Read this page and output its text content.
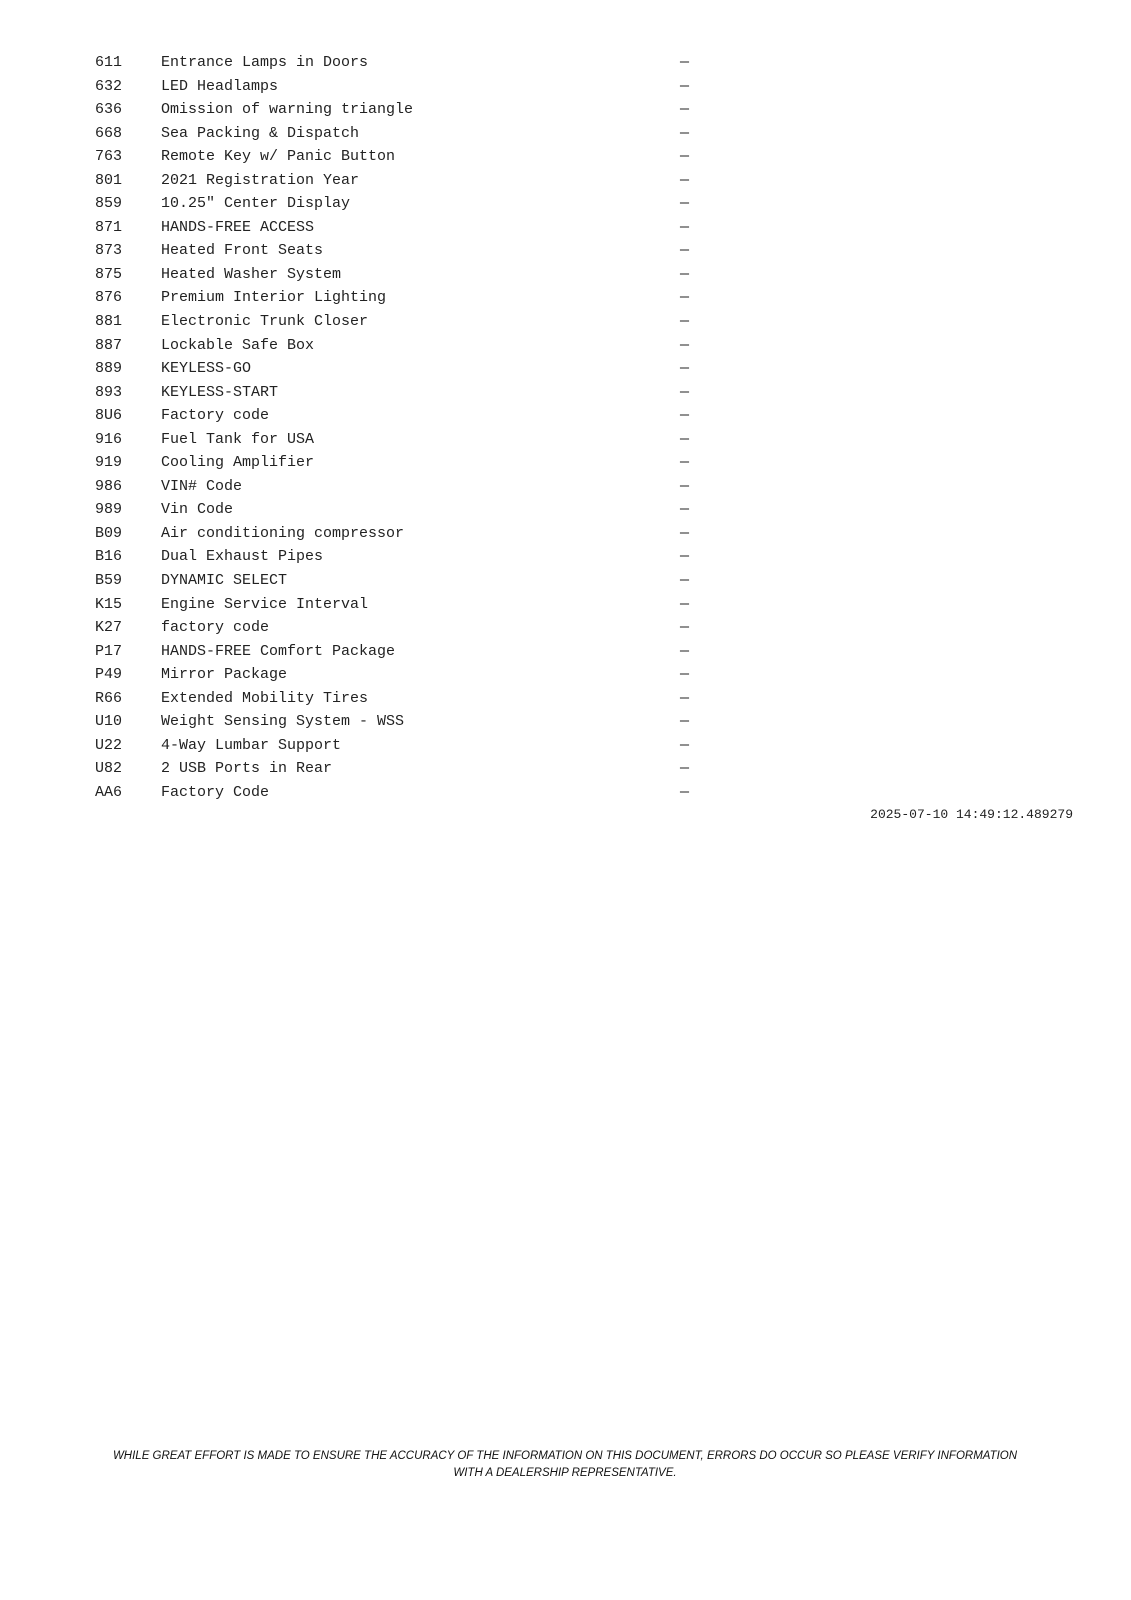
611	Entrance Lamps in Doors	—
632	LED Headlamps	—
636	Omission of warning triangle	—
668	Sea Packing & Dispatch	—
763	Remote Key w/ Panic Button	—
801	2021 Registration Year	—
859	10.25" Center Display	—
871	HANDS-FREE ACCESS	—
873	Heated Front Seats	—
875	Heated Washer System	—
876	Premium Interior Lighting	—
881	Electronic Trunk Closer	—
887	Lockable Safe Box	—
889	KEYLESS-GO	—
893	KEYLESS-START	—
8U6	Factory code	—
916	Fuel Tank for USA	—
919	Cooling Amplifier	—
986	VIN# Code	—
989	Vin Code	—
B09	Air conditioning compressor	—
B16	Dual Exhaust Pipes	—
B59	DYNAMIC SELECT	—
K15	Engine Service Interval	—
K27	factory code	—
P17	HANDS-FREE Comfort Package	—
P49	Mirror Package	—
R66	Extended Mobility Tires	—
U10	Weight Sensing System - WSS	—
U22	4-Way Lumbar Support	—
U82	2 USB Ports in Rear	—
AA6	Factory Code	—
2025-07-10 14:49:12.489279
WHILE GREAT EFFORT IS MADE TO ENSURE THE ACCURACY OF THE INFORMATION ON THIS DOCUMENT, ERRORS DO OCCUR SO PLEASE VERIFY INFORMATION WITH A DEALERSHIP REPRESENTATIVE.
